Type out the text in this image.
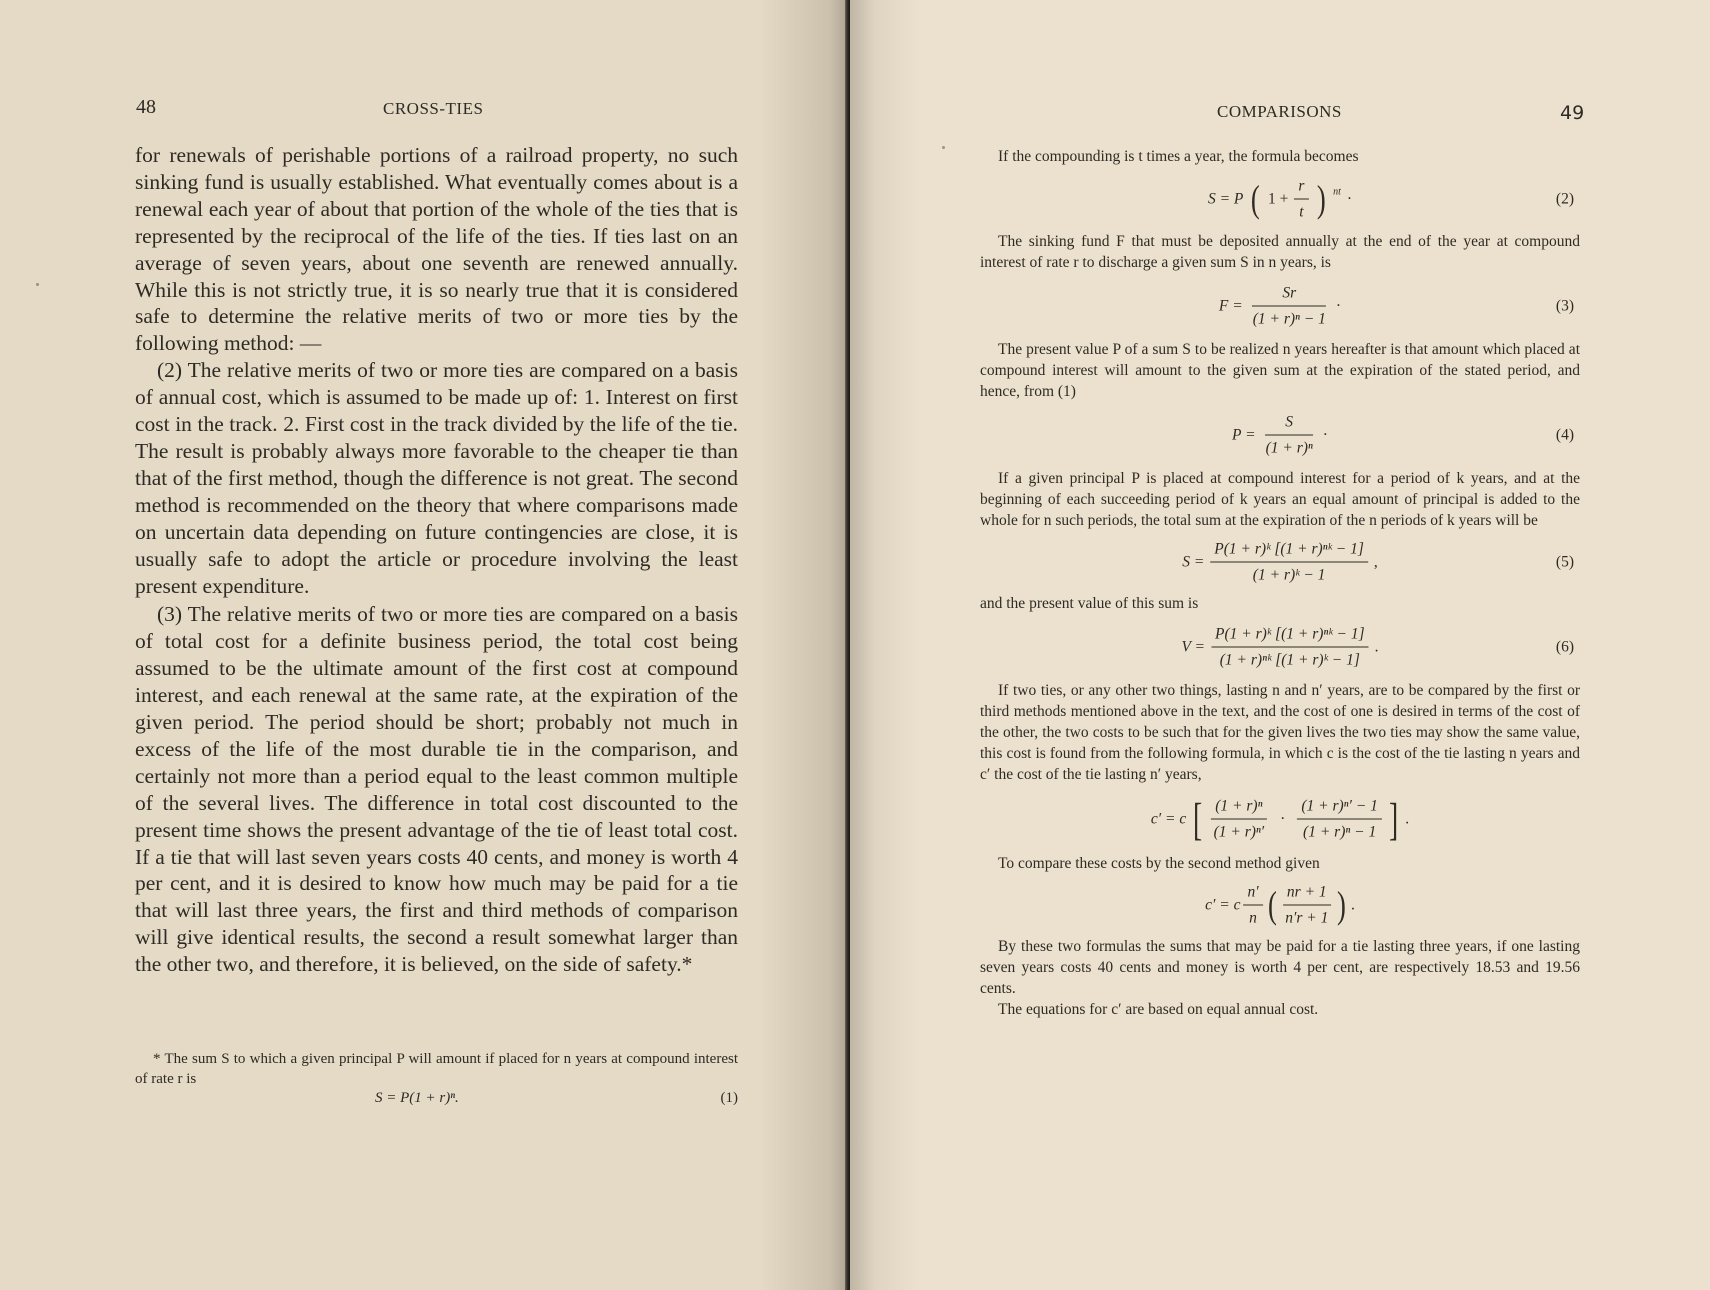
48	CROSS-TIES

for renewals of perishable portions of a railroad property, no such sinking fund is usually established. What eventually comes about is a renewal each year of about that portion of the whole of the ties that is represented by the reciprocal of the life of the ties. If ties last on an average of seven years, about one seventh are renewed annually. While this is not strictly true, it is so nearly true that it is considered safe to determine the relative merits of two or more ties by the following method: —

(2) The relative merits of two or more ties are compared on a basis of annual cost, which is assumed to be made up of: 1. Interest on first cost in the track. 2. First cost in the track divided by the life of the tie. The result is probably always more favorable to the cheaper tie than that of the first method, though the difference is not great. The second method is recommended on the theory that where comparisons made on uncertain data depending on future contingencies are close, it is usually safe to adopt the article or procedure involving the least present expenditure.

(3) The relative merits of two or more ties are compared on a basis of total cost for a definite business period, the total cost being assumed to be the ultimate amount of the first cost at compound interest, and each renewal at the same rate, at the expiration of the given period. The period should be short; probably not much in excess of the life of the most durable tie in the comparison, and certainly not more than a period equal to the least common multiple of the several lives. The difference in total cost discounted to the present time shows the present advantage of the tie of least total cost. If a tie that will last seven years costs 40 cents, and money is worth 4 per cent, and it is desired to know how much may be paid for a tie that will last three years, the first and third methods of comparison will give identical results, the second a result somewhat larger than the other two, and therefore, it is believed, on the side of safety.*

* The sum S to which a given principal P will amount if placed for n years at compound interest of rate r is

S = P(1 + r)ⁿ.	(1)
COMPARISONS	49

If the compounding is t times a year, the formula becomes

S = P ( $1 + \frac{r}{t}$ ) $^{nt}$ ·	(2)

The sinking fund F that must be deposited annually at the end of the year at compound interest of rate r to discharge a given sum S in n years, is

$F = \frac{Sr}{\text{(1 + r)ⁿ − 1}}$ ·	(3)

The present value P of a sum S to be realized n years hereafter is that amount which placed at compound interest will amount to the given sum at the expiration of the stated period, and hence, from (1)

$P = \frac{S}{\text{(1 + r)ⁿ}}$ ·	(4)

If a given principal P is placed at compound interest for a period of k years, and at the beginning of each succeeding period of k years an equal amount of principal is added to the whole for n such periods, the total sum at the expiration of the n periods of k years will be

$S = \frac{\text{P(1 + r)ᵏ [(1 + r)ⁿᵏ − 1]}}{\text{(1 + r)ᵏ − 1}}$ ,	(5)

and the present value of this sum is

$V = \frac{\text{P(1 + r)ᵏ [(1 + r)ⁿᵏ − 1]}}{\text{(1 + r)ⁿᵏ [(1 + r)ᵏ − 1]}}$ .	(6)

If two ties, or any other two things, lasting n and n′ years, are to be compared by the first or third methods mentioned above in the text, and the cost of one is desired in terms of the cost of the other, the two costs to be such that for the given lives the two ties may show the same value, this cost is found from the following formula, in which c is the cost of the tie lasting n years and c′ the cost of the tie lasting n′ years,

c′ = c [ $\frac{\text{(1 + r)ⁿ}}{\text{(1 + r)ⁿ′}} \cdot \frac{\text{(1 + r)ⁿ′ − 1}}{\text{(1 + r)ⁿ − 1}}$ ] .

To compare these costs by the second method given

c′ = c $\frac{n'}{n}$ ( $\frac{nr + 1}{n'r + 1}$ ) .

By these two formulas the sums that may be paid for a tie lasting three years, if one lasting seven years costs 40 cents and money is worth 4 per cent, are respectively 18.53 and 19.56 cents.

The equations for c′ are based on equal annual cost.
